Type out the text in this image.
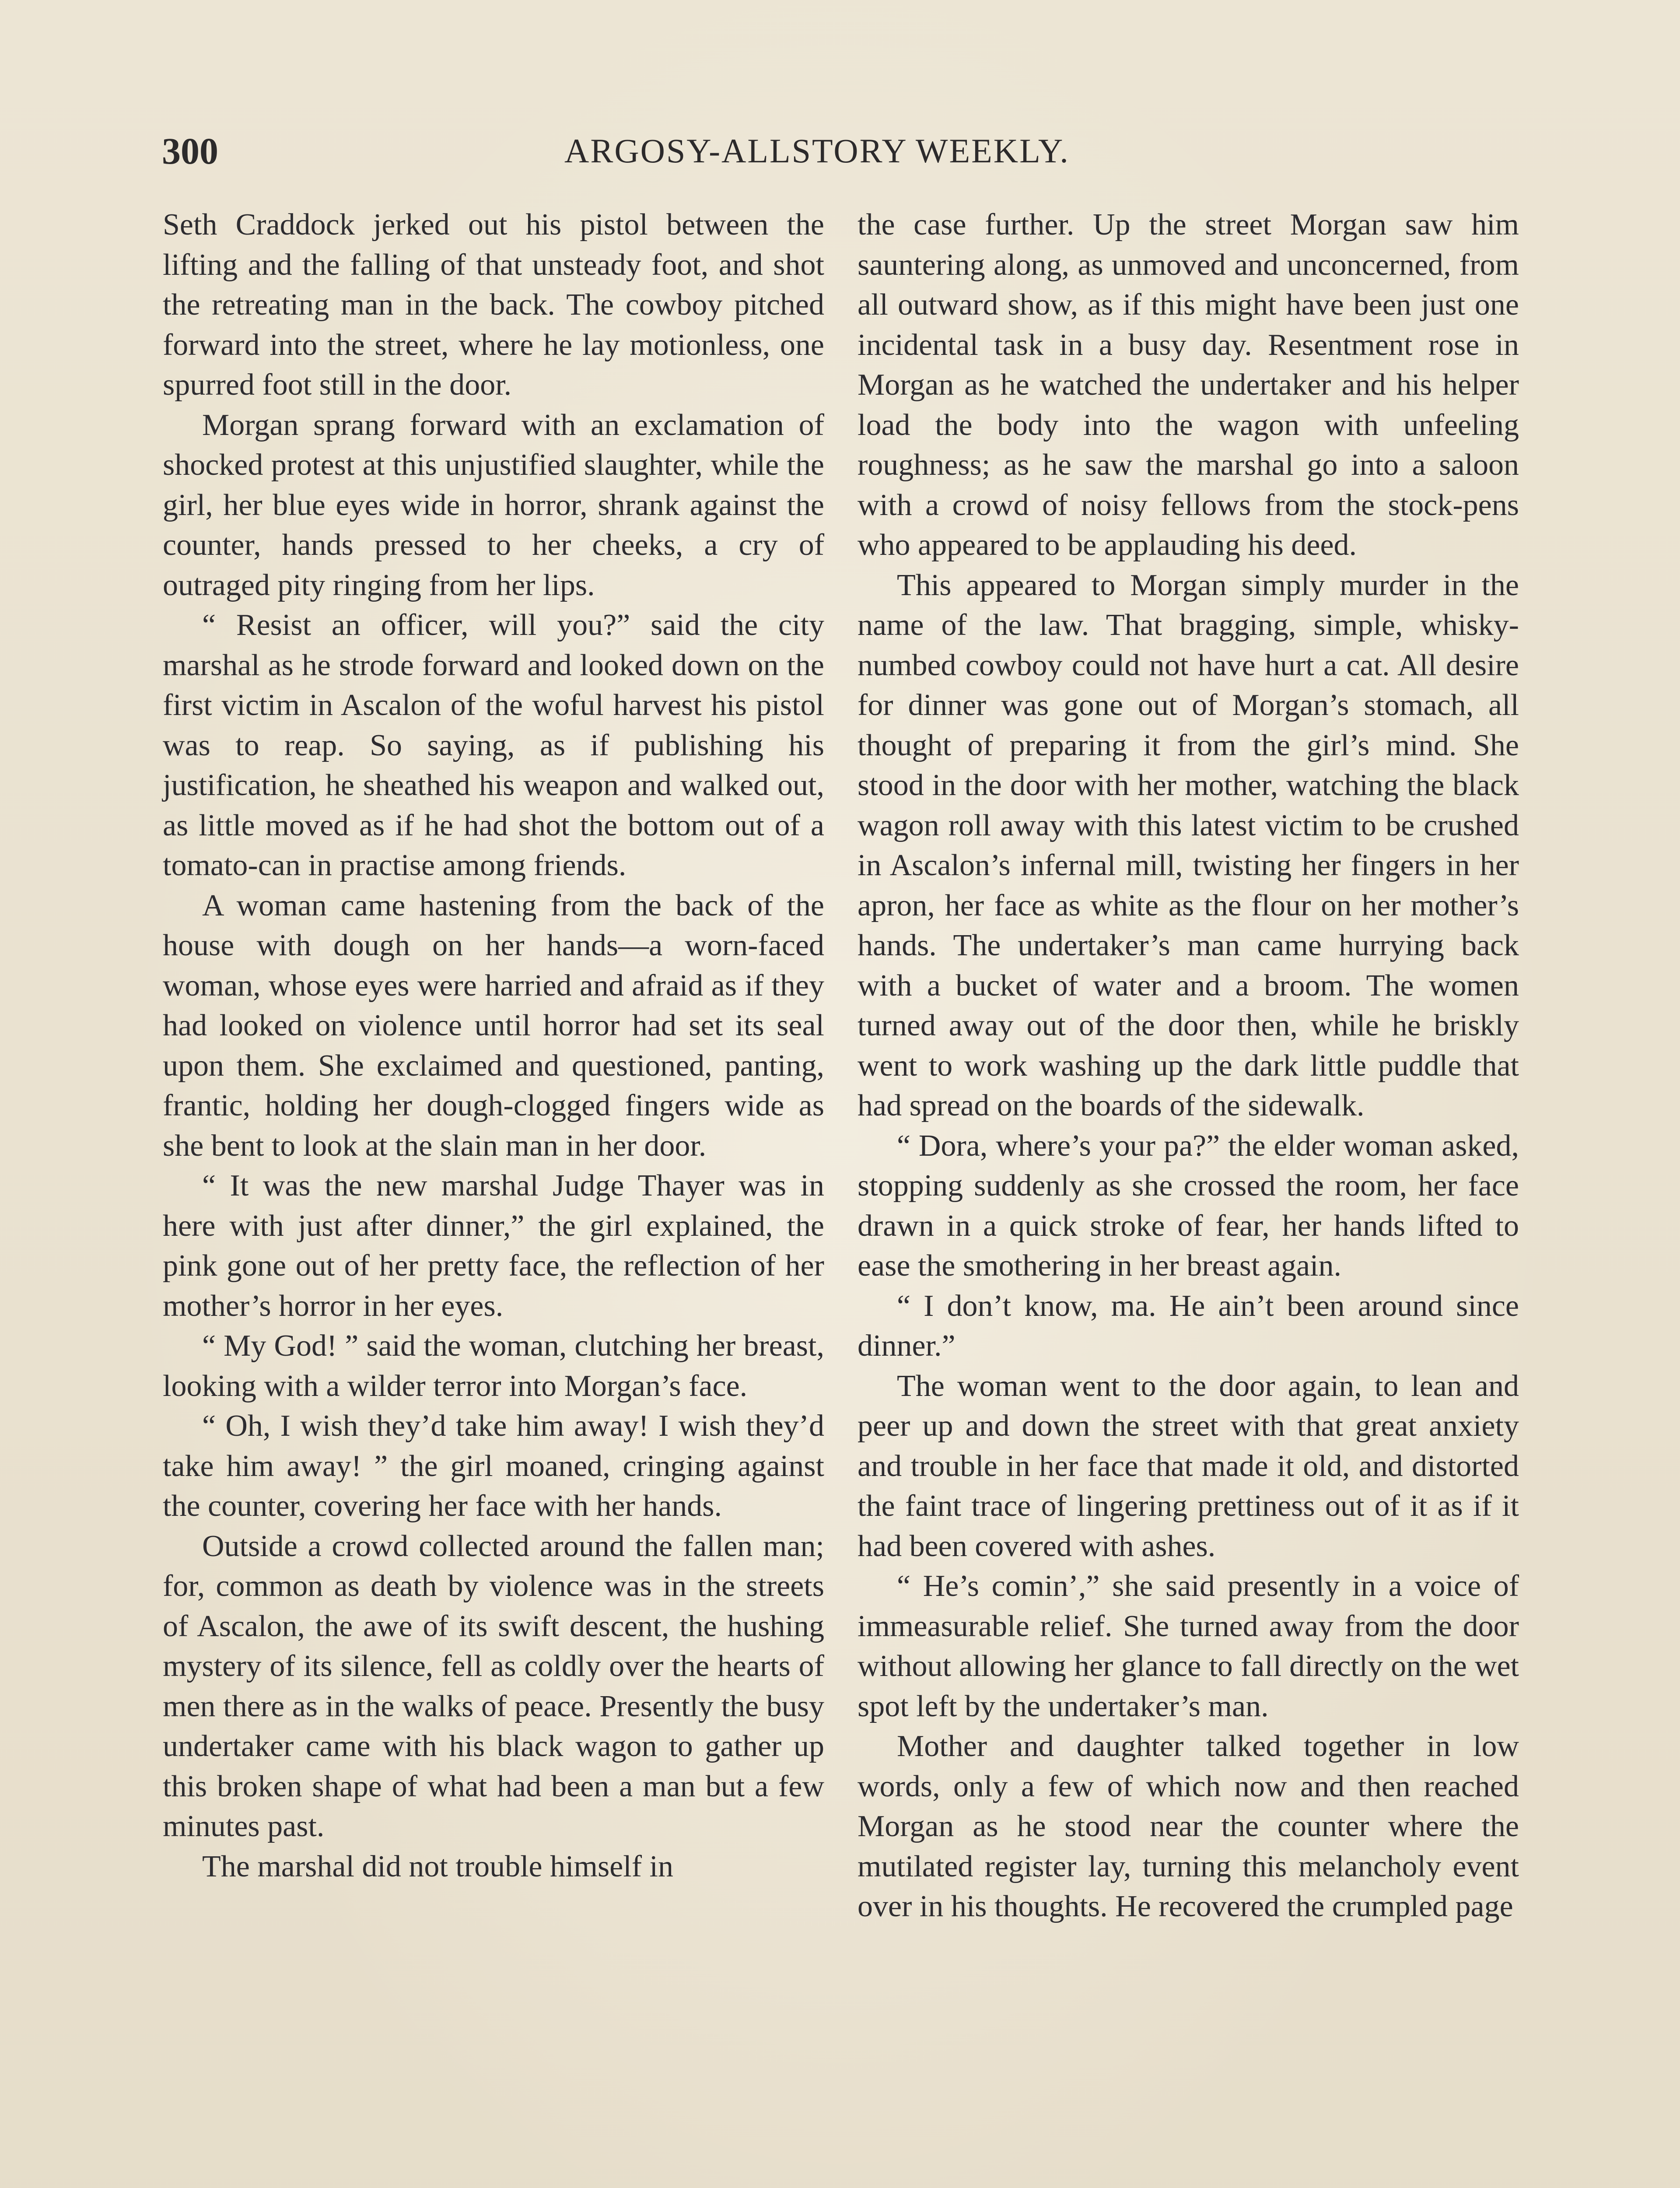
300	ARGOSY-ALLSTORY WEEKLY.

Seth Craddock jerked out his pistol between the lifting and the falling of that unsteady foot, and shot the retreating man in the back. The cowboy pitched forward into the street, where he lay motionless, one spurred foot still in the door.

Morgan sprang forward with an exclamation of shocked protest at this unjustified slaughter, while the girl, her blue eyes wide in horror, shrank against the counter, hands pressed to her cheeks, a cry of outraged pity ringing from her lips.

“ Resist an officer, will you?” said the city marshal as he strode forward and looked down on the first victim in Ascalon of the woful harvest his pistol was to reap. So saying, as if publishing his justification, he sheathed his weapon and walked out, as little moved as if he had shot the bottom out of a tomato-can in practise among friends.

A woman came hastening from the back of the house with dough on her hands—a worn-faced woman, whose eyes were harried and afraid as if they had looked on violence until horror had set its seal upon them. She exclaimed and questioned, panting, frantic, holding her dough-clogged fingers wide as she bent to look at the slain man in her door.

“ It was the new marshal Judge Thayer was in here with just after dinner,” the girl explained, the pink gone out of her pretty face, the reflection of her mother’s horror in her eyes.

“ My God! ” said the woman, clutching her breast, looking with a wilder terror into Morgan’s face.

“ Oh, I wish they’d take him away! I wish they’d take him away! ” the girl moaned, cringing against the counter, covering her face with her hands.

Outside a crowd collected around the fallen man; for, common as death by violence was in the streets of Ascalon, the awe of its swift descent, the hushing mystery of its silence, fell as coldly over the hearts of men there as in the walks of peace. Presently the busy undertaker came with his black wagon to gather up this broken shape of what had been a man but a few minutes past.

The marshal did not trouble himself in

the case further. Up the street Morgan saw him sauntering along, as unmoved and unconcerned, from all outward show, as if this might have been just one incidental task in a busy day. Resentment rose in Morgan as he watched the undertaker and his helper load the body into the wagon with unfeeling roughness; as he saw the marshal go into a saloon with a crowd of noisy fellows from the stock-pens who appeared to be applauding his deed.

This appeared to Morgan simply murder in the name of the law. That bragging, simple, whisky-numbed cowboy could not have hurt a cat. All desire for dinner was gone out of Morgan’s stomach, all thought of preparing it from the girl’s mind. She stood in the door with her mother, watching the black wagon roll away with this latest victim to be crushed in Ascalon’s infernal mill, twisting her fingers in her apron, her face as white as the flour on her mother’s hands. The undertaker’s man came hurrying back with a bucket of water and a broom. The women turned away out of the door then, while he briskly went to work washing up the dark little puddle that had spread on the boards of the sidewalk.

“ Dora, where’s your pa?” the elder woman asked, stopping suddenly as she crossed the room, her face drawn in a quick stroke of fear, her hands lifted to ease the smothering in her breast again.

“ I don’t know, ma. He ain’t been around since dinner.”

The woman went to the door again, to lean and peer up and down the street with that great anxiety and trouble in her face that made it old, and distorted the faint trace of lingering prettiness out of it as if it had been covered with ashes.

“ He’s comin’,” she said presently in a voice of immeasurable relief. She turned away from the door without allowing her glance to fall directly on the wet spot left by the undertaker’s man.

Mother and daughter talked together in low words, only a few of which now and then reached Morgan as he stood near the counter where the mutilated register lay, turning this melancholy event over in his thoughts. He recovered the crumpled page
